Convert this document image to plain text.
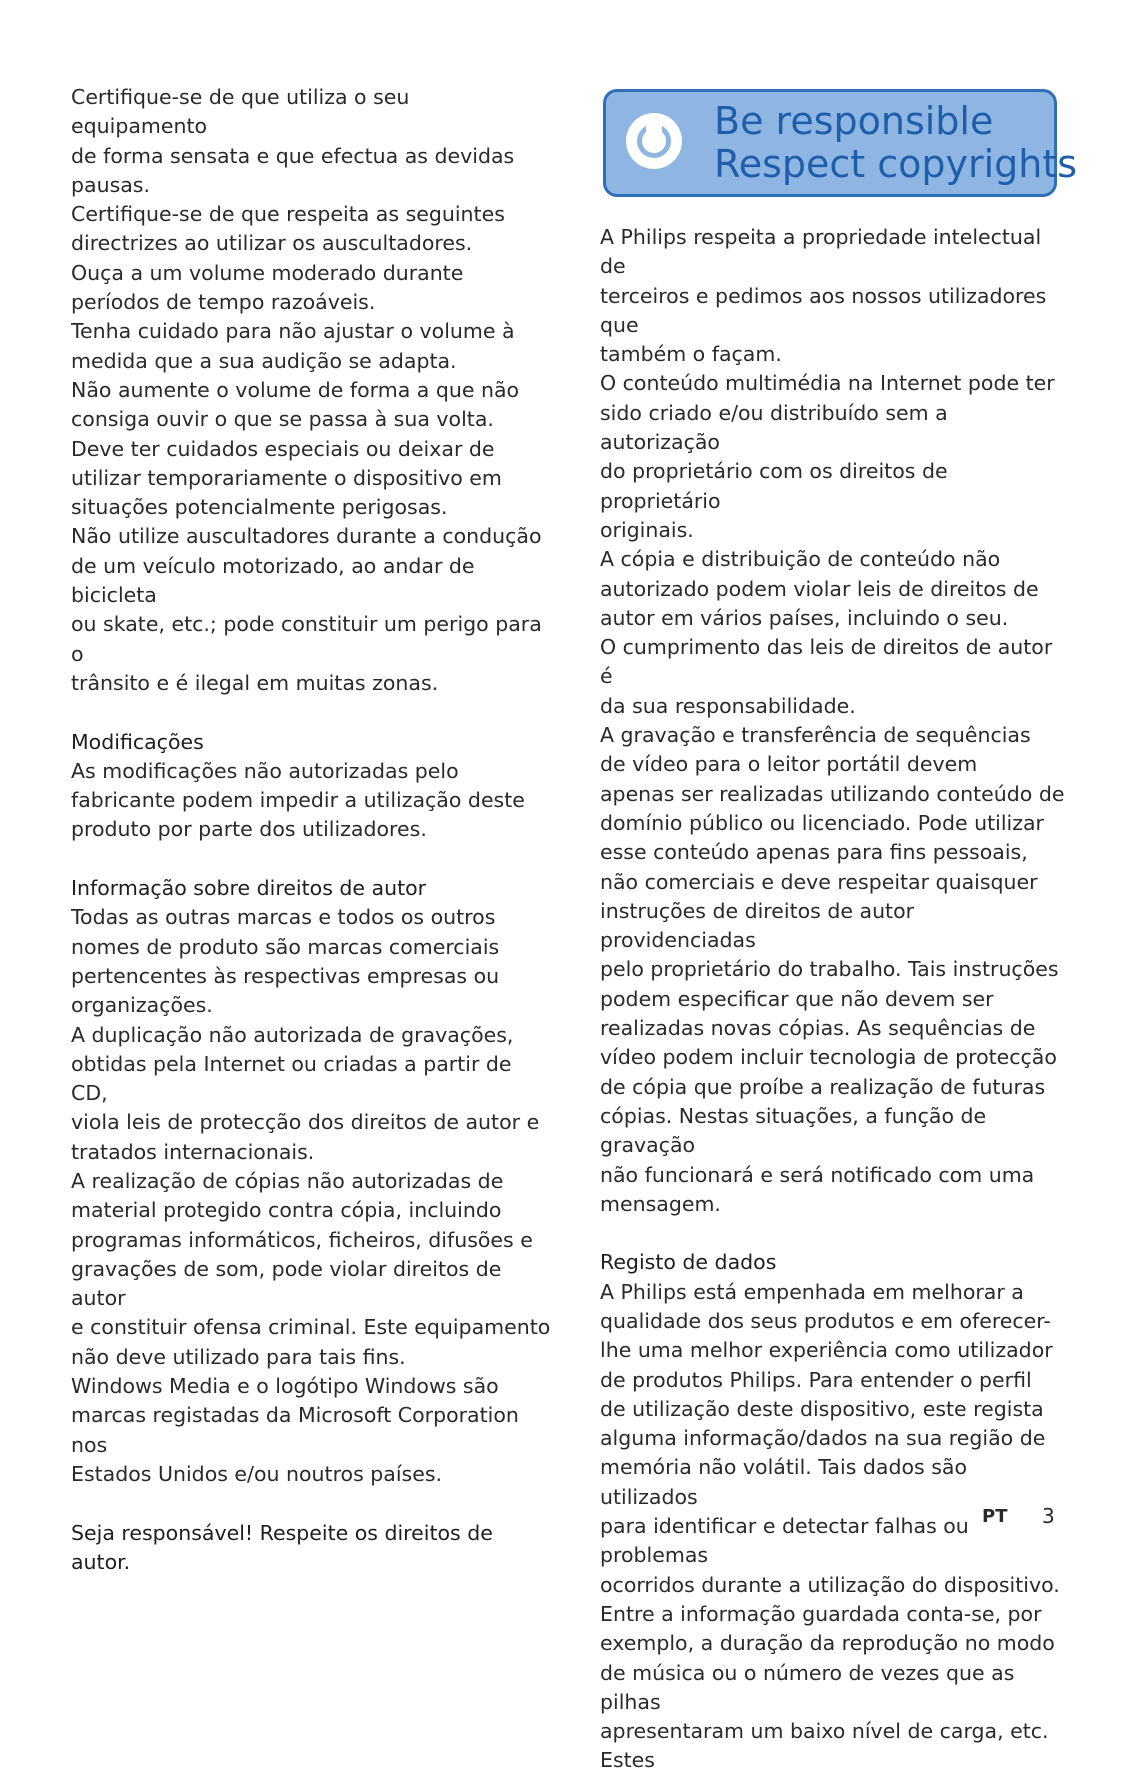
Certifique-se de que utiliza o seu equipamento
de forma sensata e que efectua as devidas
pausas.

Certifique-se de que respeita as seguintes
directrizes ao utilizar os auscultadores.

Ouça a um volume moderado durante
períodos de tempo razoáveis.

Tenha cuidado para não ajustar o volume à
medida que a sua audição se adapta.

Não aumente o volume de forma a que não
consiga ouvir o que se passa à sua volta.

Deve ter cuidados especiais ou deixar de
utilizar temporariamente o dispositivo em
situações potencialmente perigosas.

Não utilize auscultadores durante a condução
de um veículo motorizado, ao andar de bicicleta
ou skate, etc.; pode constituir um perigo para o
trânsito e é ilegal em muitas zonas.

Modificações

As modificações não autorizadas pelo
fabricante podem impedir a utilização deste
produto por parte dos utilizadores.

Informação sobre direitos de autor

Todas as outras marcas e todos os outros
nomes de produto são marcas comerciais
pertencentes às respectivas empresas ou
organizações.

A duplicação não autorizada de gravações,
obtidas pela Internet ou criadas a partir de CD,
viola leis de protecção dos direitos de autor e
tratados internacionais.

A realização de cópias não autorizadas de
material protegido contra cópia, incluindo
programas informáticos, ficheiros, difusões e
gravações de som, pode violar direitos de autor
e constituir ofensa criminal. Este equipamento
não deve utilizado para tais fins.

Windows Media e o logótipo Windows são
marcas registadas da Microsoft Corporation nos
Estados Unidos e/ou noutros países.

Seja responsável! Respeite os direitos de
autor.

Be responsible
Respect copyrights

A Philips respeita a propriedade intelectual de
terceiros e pedimos aos nossos utilizadores que
também o façam.

O conteúdo multimédia na Internet pode ter
sido criado e/ou distribuído sem a autorização
do proprietário com os direitos de proprietário
originais.

A cópia e distribuição de conteúdo não
autorizado podem violar leis de direitos de
autor em vários países, incluindo o seu.

O cumprimento das leis de direitos de autor é
da sua responsabilidade.

A gravação e transferência de sequências
de vídeo para o leitor portátil devem
apenas ser realizadas utilizando conteúdo de
domínio público ou licenciado. Pode utilizar
esse conteúdo apenas para fins pessoais,
não comerciais e deve respeitar quaisquer
instruções de direitos de autor providenciadas
pelo proprietário do trabalho. Tais instruções
podem especificar que não devem ser
realizadas novas cópias. As sequências de
vídeo podem incluir tecnologia de protecção
de cópia que proíbe a realização de futuras
cópias. Nestas situações, a função de gravação
não funcionará e será notificado com uma
mensagem.

Registo de dados

A Philips está empenhada em melhorar a
qualidade dos seus produtos e em oferecer-
lhe uma melhor experiência como utilizador
de produtos Philips. Para entender o perfil
de utilização deste dispositivo, este regista
alguma informação/dados na sua região de
memória não volátil. Tais dados são utilizados
para identificar e detectar falhas ou problemas
ocorridos durante a utilização do dispositivo.
Entre a informação guardada conta-se, por
exemplo, a duração da reprodução no modo
de música ou o número de vezes que as pilhas
apresentaram um baixo nível de carga, etc. Estes

PT 3
